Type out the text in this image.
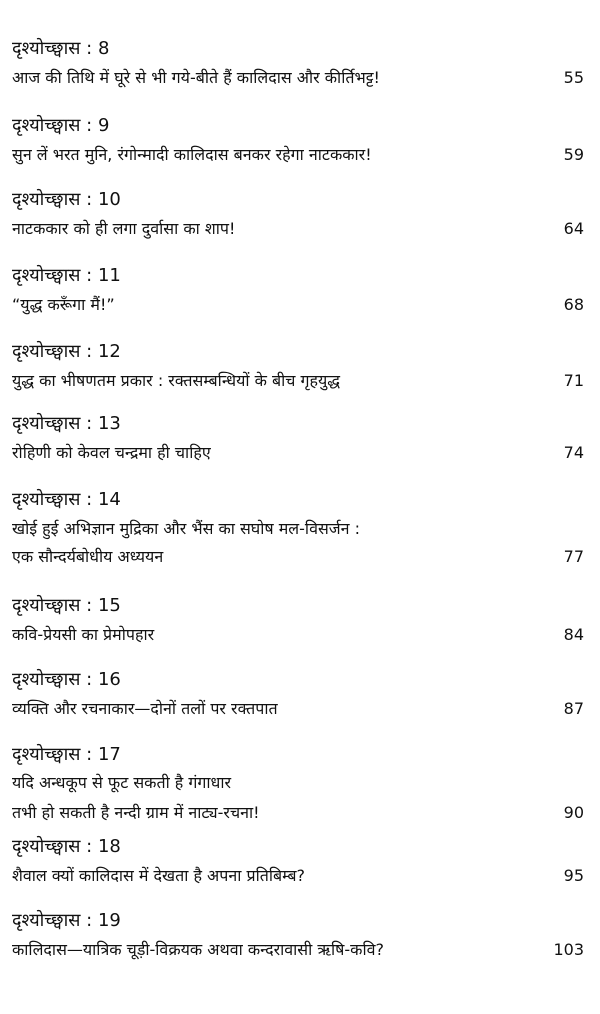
दृश्योच्छ्वास : 8
आज की तिथि में घूरे से भी गये-बीते हैं कालिदास और कीर्तिभट्ट!	55
दृश्योच्छ्वास : 9
सुन लें भरत मुनि, रंगोन्मादी कालिदास बनकर रहेगा नाटककार!	59
दृश्योच्छ्वास : 10
नाटककार को ही लगा दुर्वासा का शाप!	64
दृश्योच्छ्वास : 11
“युद्ध करूँगा मैं!”	68
दृश्योच्छ्वास : 12
युद्ध का भीषणतम प्रकार : रक्तसम्बन्धियों के बीच गृहयुद्ध	71
दृश्योच्छ्वास : 13
रोहिणी को केवल चन्द्रमा ही चाहिए	74
दृश्योच्छ्वास : 14
खोई हुई अभिज्ञान मुद्रिका और भैंस का सघोष मल-विसर्जन :
एक सौन्दर्यबोधीय अध्ययन	77
दृश्योच्छ्वास : 15
कवि-प्रेयसी का प्रेमोपहार	84
दृश्योच्छ्वास : 16
व्यक्ति और रचनाकार—दोनों तलों पर रक्तपात	87
दृश्योच्छ्वास : 17
यदि अन्धकूप से फूट सकती है गंगाधार
तभी हो सकती है नन्दी ग्राम में नाट्य-रचना!	90
दृश्योच्छ्वास : 18
शैवाल क्यों कालिदास में देखता है अपना प्रतिबिम्ब?	95
दृश्योच्छ्वास : 19
कालिदास—यात्रिक चूड़ी-विक्रयक अथवा कन्दरावासी ऋषि-कवि?	103
